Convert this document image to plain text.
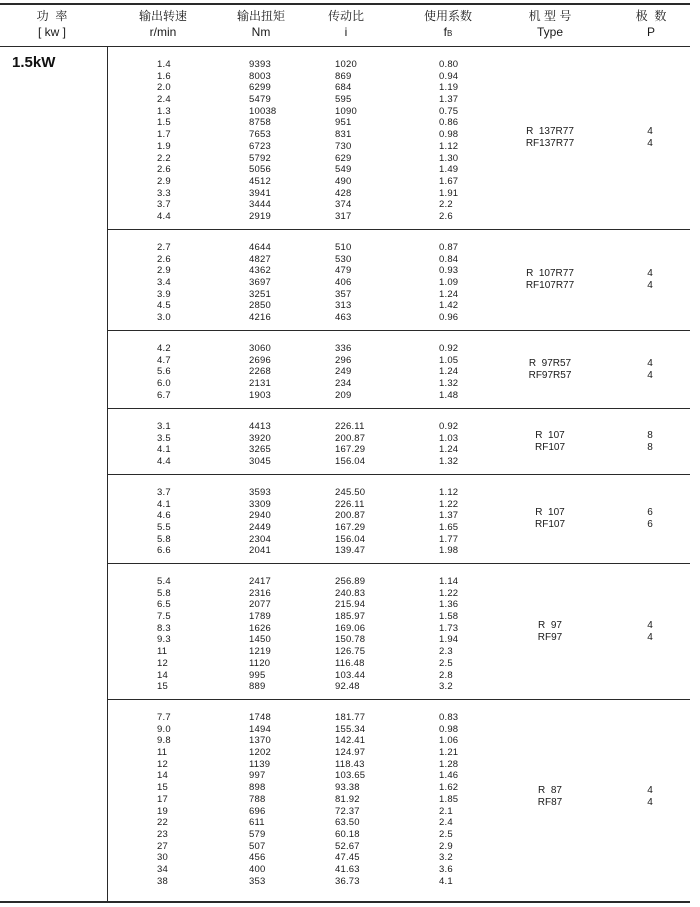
功  率
[ kw ]
输出转速
r/min
输出扭矩
Nm
传动比
i
使用系数
fB
机 型 号
Type
极  数
P
1.5kW	1.4
1.6
2.0
2.4
1.3
1.5
1.7
1.9
2.2
2.6
2.9
3.3
3.7
4.4
9393
8003
6299
5479
10038
8758
7653
6723
5792
5056
4512
3941
3444
2919
1020
869
684
595
1090
951
831
730
629
549
490
428
374
317
0.80
0.94
1.19
1.37
0.75
0.86
0.98
1.12
1.30
1.49
1.67
1.91
2.2
2.6
R  137R77
RF137R77
4
4
2.7
2.6
2.9
3.4
3.9
4.5
3.0
4644
4827
4362
3697
3251
2850
4216
510
530
479
406
357
313
463
0.87
0.84
0.93
1.09
1.24
1.42
0.96
R  107R77
RF107R77
4
4
4.2
4.7
5.6
6.0
6.7
3060
2696
2268
2131
1903
336
296
249
234
209
0.92
1.05
1.24
1.32
1.48
R  97R57
RF97R57
4
4
3.1
3.5
4.1
4.4
4413
3920
3265
3045
226.11
200.87
167.29
156.04
0.92
1.03
1.24
1.32
R  107
RF107
8
8
3.7
4.1
4.6
5.5
5.8
6.6
3593
3309
2940
2449
2304
2041
245.50
226.11
200.87
167.29
156.04
139.47
1.12
1.22
1.37
1.65
1.77
1.98
R  107
RF107
6
6
5.4
5.8
6.5
7.5
8.3
9.3
11
12
14
15
2417
2316
2077
1789
1626
1450
1219
1120
995
889
256.89
240.83
215.94
185.97
169.06
150.78
126.75
116.48
103.44
92.48
1.14
1.22
1.36
1.58
1.73
1.94
2.3
2.5
2.8
3.2
R  97
RF97
4
4
7.7
9.0
9.8
11
12
14
15
17
19
22
23
27
30
34
38
1748
1494
1370
1202
1139
997
898
788
696
611
579
507
456
400
353
181.77
155.34
142.41
124.97
118.43
103.65
93.38
81.92
72.37
63.50
60.18
52.67
47.45
41.63
36.73
0.83
0.98
1.06
1.21
1.28
1.46
1.62
1.85
2.1
2.4
2.5
2.9
3.2
3.6
4.1
R  87
RF87
4
4
